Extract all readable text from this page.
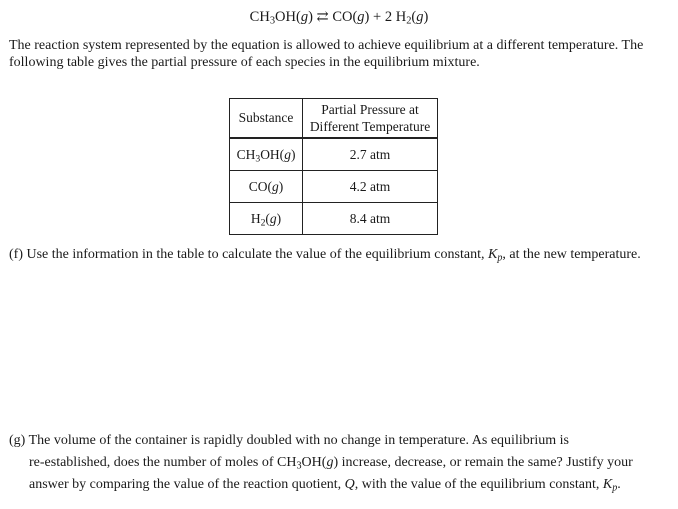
$CH_3OH(g)$ ⇄ CO(g) + 2 $H_2(g)$

The reaction system represented by the equation is allowed to achieve equilibrium at a different temperature. The

following table gives the partial pressure of each species in the equilibrium mixture.

Substance	Partial Pressure at
Different Temperature
$CH_3OH(g)$	2.7 atm
CO(g)	4.2 atm
$H_2(g)$	8.4 atm
(f) Use the information in the table to calculate the value of the equilibrium constant, $K_p$, at the new temperature.
(g) The volume of the container is rapidly doubled with no change in temperature. As equilibrium is
re-established, does the number of moles of $CH_3OH(g)$ increase, decrease, or remain the same? Justify your
answer by comparing the value of the reaction quotient, Q, with the value of the equilibrium constant, $K_p$.
